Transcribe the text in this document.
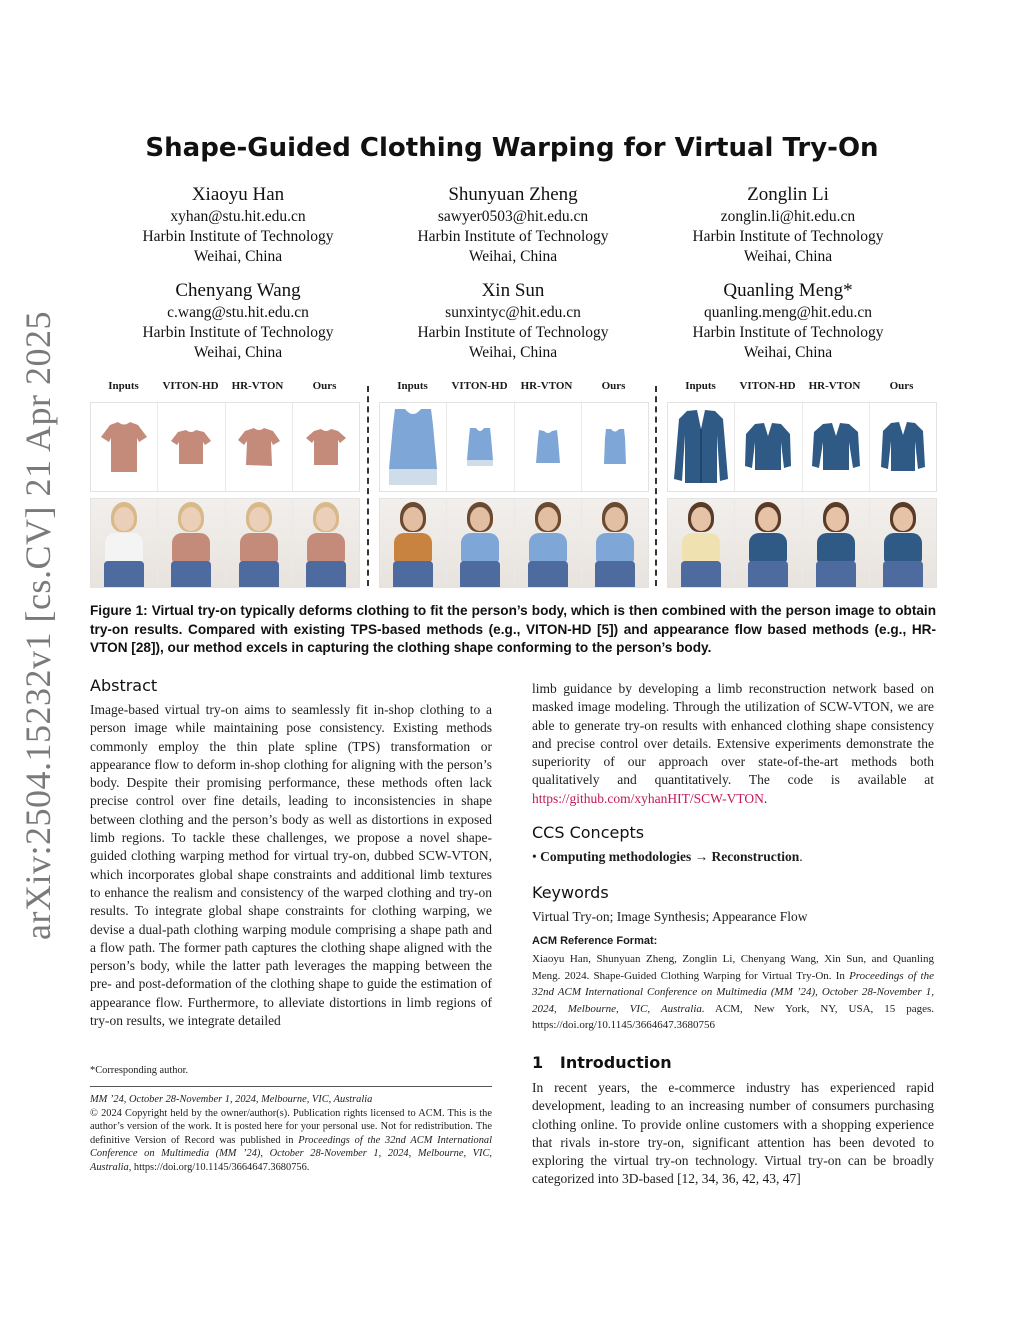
arXiv:2504.15232v1 [cs.CV] 21 Apr 2025
Shape-Guided Clothing Warping for Virtual Try-On
Xiaoyu Han
xyhan@stu.hit.edu.cn
Harbin Institute of Technology
Weihai, China
Shunyuan Zheng
sawyer0503@hit.edu.cn
Harbin Institute of Technology
Weihai, China
Zonglin Li
zonglin.li@hit.edu.cn
Harbin Institute of Technology
Weihai, China
Chenyang Wang
c.wang@stu.hit.edu.cn
Harbin Institute of Technology
Weihai, China
Xin Sun
sunxintyc@hit.edu.cn
Harbin Institute of Technology
Weihai, China
Quanling Meng*
quanling.meng@hit.edu.cn
Harbin Institute of Technology
Weihai, China
Inputs	VITON-HD	HR-VTON	Ours	Inputs	VITON-HD	HR-VTON	Ours	Inputs	VITON-HD	HR-VTON	Ours
Figure 1: Virtual try-on typically deforms clothing to fit the person’s body, which is then combined with the person image to obtain try-on results. Compared with existing TPS-based methods (e.g., VITON-HD [5]) and appearance flow based methods (e.g., HR-VTON [28]), our method excels in capturing the clothing shape conforming to the person’s body.
Abstract
Image-based virtual try-on aims to seamlessly fit in-shop clothing to a person image while maintaining pose consistency. Existing methods commonly employ the thin plate spline (TPS) transformation or appearance flow to deform in-shop clothing for aligning with the person’s body. Despite their promising performance, these methods often lack precise control over fine details, leading to inconsistencies in shape between clothing and the person’s body as well as distortions in exposed limb regions. To tackle these challenges, we propose a novel shape-guided clothing warping method for virtual try-on, dubbed SCW-VTON, which incorporates global shape constraints and additional limb textures to enhance the realism and consistency of the warped clothing and try-on results. To integrate global shape constraints for clothing warping, we devise a dual-path clothing warping module comprising a shape path and a flow path. The former path captures the clothing shape aligned with the person’s body, while the latter path leverages the mapping between the pre- and post-deformation of the clothing shape to guide the estimation of appearance flow. Furthermore, to alleviate distortions in limb regions of try-on results, we integrate detailed
*Corresponding author.
MM ’24, October 28-November 1, 2024, Melbourne, VIC, Australia
© 2024 Copyright held by the owner/author(s). Publication rights licensed to ACM. This is the author’s version of the work. It is posted here for your personal use. Not for redistribution. The definitive Version of Record was published in Proceedings of the 32nd ACM International Conference on Multimedia (MM ’24), October 28-November 1, 2024, Melbourne, VIC, Australia, https://doi.org/10.1145/3664647.3680756.
limb guidance by developing a limb reconstruction network based on masked image modeling. Through the utilization of SCW-VTON, we are able to generate try-on results with enhanced clothing shape consistency and precise control over details. Extensive experiments demonstrate the superiority of our approach over state-of-the-art methods both qualitatively and quantitatively. The code is available at https://github.com/xyhanHIT/SCW-VTON.
CCS Concepts
• Computing methodologies → Reconstruction.
Keywords
Virtual Try-on; Image Synthesis; Appearance Flow
ACM Reference Format:
Xiaoyu Han, Shunyuan Zheng, Zonglin Li, Chenyang Wang, Xin Sun, and Quanling Meng. 2024. Shape-Guided Clothing Warping for Virtual Try-On. In Proceedings of the 32nd ACM International Conference on Multimedia (MM ’24), October 28-November 1, 2024, Melbourne, VIC, Australia. ACM, New York, NY, USA, 15 pages. https://doi.org/10.1145/3664647.3680756
1 Introduction
In recent years, the e-commerce industry has experienced rapid development, leading to an increasing number of consumers purchasing clothing online. To provide online customers with a shopping experience that rivals in-store try-on, significant attention has been devoted to exploring the virtual try-on technology. Virtual try-on can be broadly categorized into 3D-based [12, 34, 36, 42, 43, 47]
